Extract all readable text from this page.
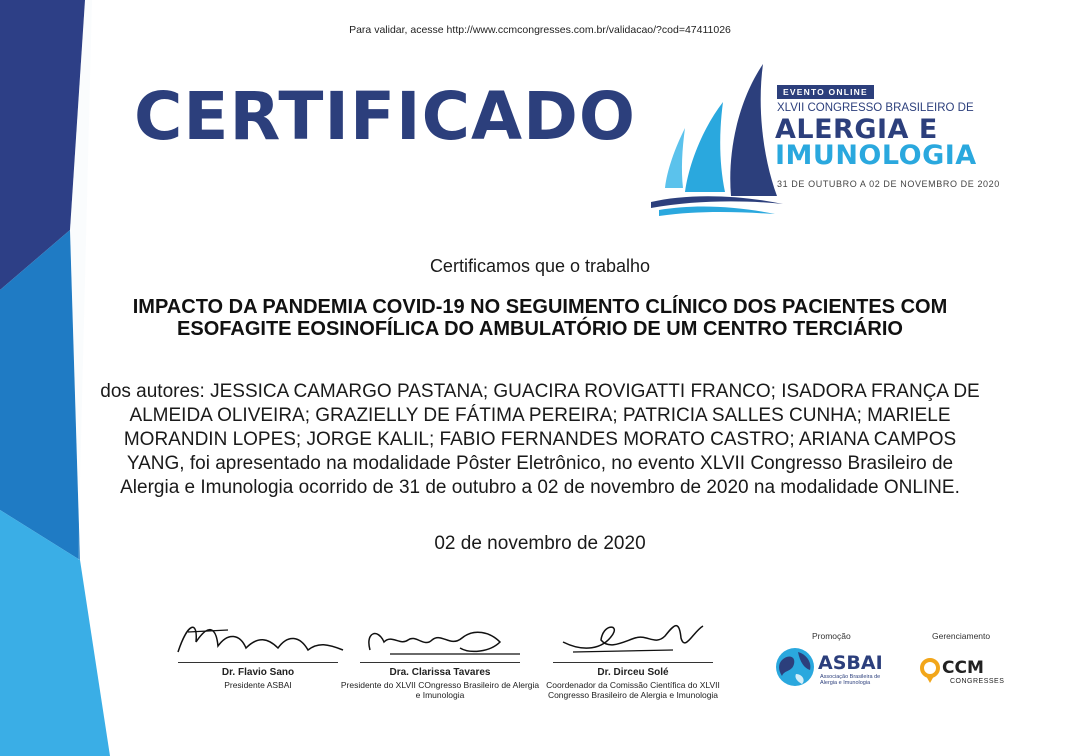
Para validar, acesse http://www.ccmcongresses.com.br/validacao/?cod=47411026
CERTIFICADO	EVENTO ONLINE
XLVII CONGRESSO BRASILEIRO DE
ALERGIA E
IMUNOLOGIA
31 DE OUTUBRO A 02 DE NOVEMBRO DE 2020
Certificamos que o trabalho
IMPACTO DA PANDEMIA COVID-19 NO SEGUIMENTO CLÍNICO DOS PACIENTES COM ESOFAGITE EOSINOFÍLICA DO AMBULATÓRIO DE UM CENTRO TERCIÁRIO
dos autores: JESSICA CAMARGO PASTANA; GUACIRA ROVIGATTI FRANCO; ISADORA FRANÇA DE ALMEIDA OLIVEIRA; GRAZIELLY DE FÁTIMA PEREIRA; PATRICIA SALLES CUNHA; MARIELE MORANDIN LOPES; JORGE KALIL; FABIO FERNANDES MORATO CASTRO; ARIANA CAMPOS YANG, foi apresentado na modalidade Pôster Eletrônico, no evento XLVII Congresso Brasileiro de Alergia e Imunologia ocorrido de 31 de outubro a 02 de novembro de 2020 na modalidade ONLINE.
02 de novembro de 2020
Dr. Flavio Sano
Presidente ASBAI
Dra. Clarissa Tavares
Presidente do XLVII COngresso Brasileiro de Alergia e Imunologia
Dr. Dirceu Solé
Coordenador da Comissão Científica do XLVII Congresso Brasileiro de Alergia e Imunologia
Promoção	Gerenciamento
ASBAI
Associação Brasileira de Alergia e Imunologia
CCM
CONGRESSES
